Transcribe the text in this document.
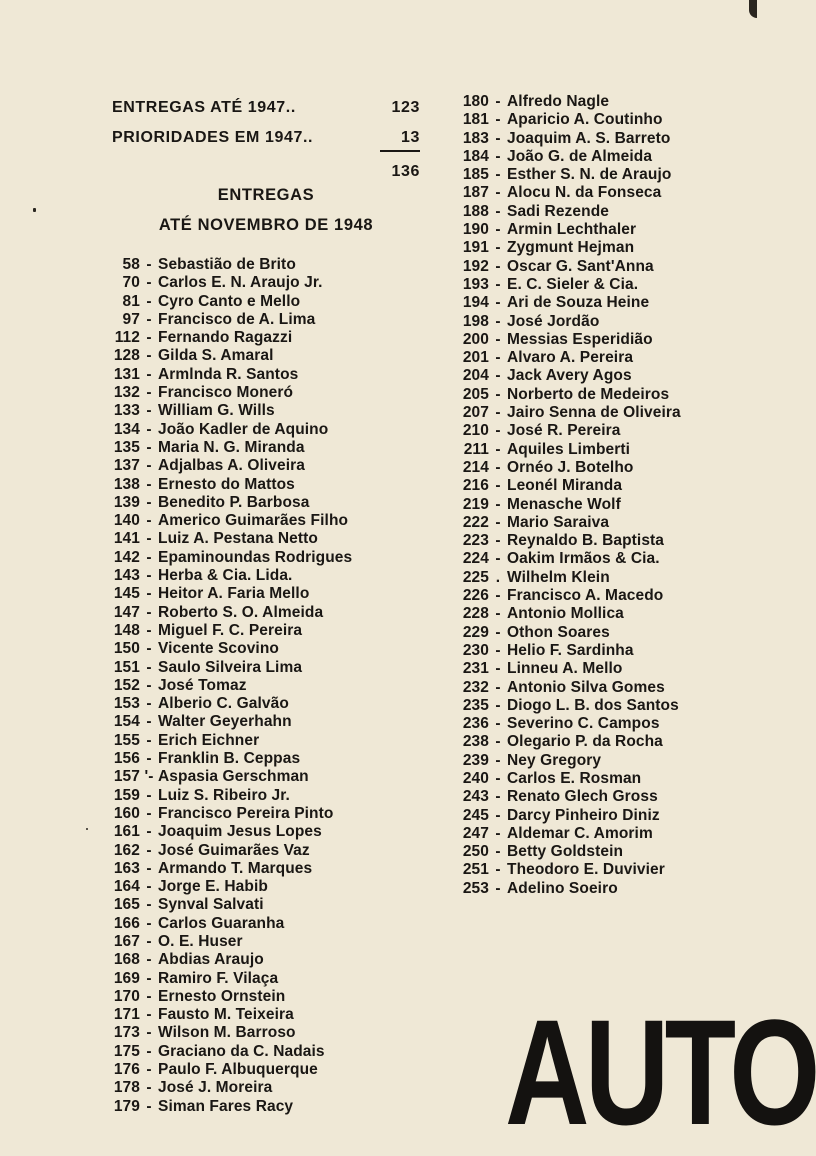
ENTREGAS ATÉ 1947..	123
PRIORIDADES EM 1947..	13
136
ENTREGAS
ATÉ NOVEMBRO DE 1948
58 - Sebastião de Brito
70 - Carlos E. N. Araujo Jr.
81 - Cyro Canto e Mello
97 - Francisco de A. Lima
112 - Fernando Ragazzi
128 - Gilda S. Amaral
131 - Armlnda R. Santos
132 - Francisco Moneró
133 - William G. Wills
134 - João Kadler de Aquino
135 - Maria N. G. Miranda
137 - Adjalbas A. Oliveira
138 - Ernesto do Mattos
139 - Benedito P. Barbosa
140 - Americo Guimarães Filho
141 - Luiz A. Pestana Netto
142 - Epaminoundas Rodrigues
143 - Herba & Cia. Lida.
145 - Heitor A. Faria Mello
147 - Roberto S. O. Almeida
148 - Miguel F. C. Pereira
150 - Vicente Scovino
151 - Saulo Silveira Lima
152 - José Tomaz
153 - Alberio C. Galvão
154 - Walter Geyerhahn
155 - Erich Eichner
156 - Franklin B. Ceppas
157 '- Aspasia Gerschman
159 - Luiz S. Ribeiro Jr.
160 - Francisco Pereira Pinto
161 - Joaquim Jesus Lopes
162 - José Guimarães Vaz
163 - Armando T. Marques
164 - Jorge E. Habib
165 - Synval Salvati
166 - Carlos Guaranha
167 - O. E. Huser
168 - Abdias Araujo
169 - Ramiro F. Vilaça
170 - Ernesto Ornstein
171 - Fausto M. Teixeira
173 - Wilson M. Barroso
175 - Graciano da C. Nadais
176 - Paulo F. Albuquerque
178 - José J. Moreira
179 - Siman Fares Racy
180 - Alfredo Nagle
181 - Aparicio A. Coutinho
183 - Joaquim A. S. Barreto
184 - João G. de Almeida
185 - Esther S. N. de Araujo
187 - Alocu N. da Fonseca
188 - Sadi Rezende
190 - Armin Lechthaler
191 - Zygmunt Hejman
192 - Oscar G. Sant'Anna
193 - E. C. Sieler & Cia.
194 - Ari de Souza Heine
198 - José Jordão
200 - Messias Esperidião
201 - Alvaro A. Pereira
204 - Jack Avery Agos
205 - Norberto de Medeiros
207 - Jairo Senna de Oliveira
210 - José R. Pereira
211 - Aquiles Limberti
214 - Ornéo J. Botelho
216 - Leonél Miranda
219 - Menasche Wolf
222 - Mario Saraiva
223 - Reynaldo B. Baptista
224 - Oakim Irmãos & Cia.
225 . Wilhelm Klein
226 - Francisco A. Macedo
228 - Antonio Mollica
229 - Othon Soares
230 - Helio F. Sardinha
231 - Linneu A. Mello
232 - Antonio Silva Gomes
235 - Diogo L. B. dos Santos
236 - Severino C. Campos
238 - Olegario P. da Rocha
239 - Ney Gregory
240 - Carlos E. Rosman
243 - Renato Glech Gross
245 - Darcy Pinheiro Diniz
247 - Aldemar C. Amorim
250 - Betty Goldstein
251 - Theodoro E. Duvivier
253 - Adelino Soeiro
AUTO
